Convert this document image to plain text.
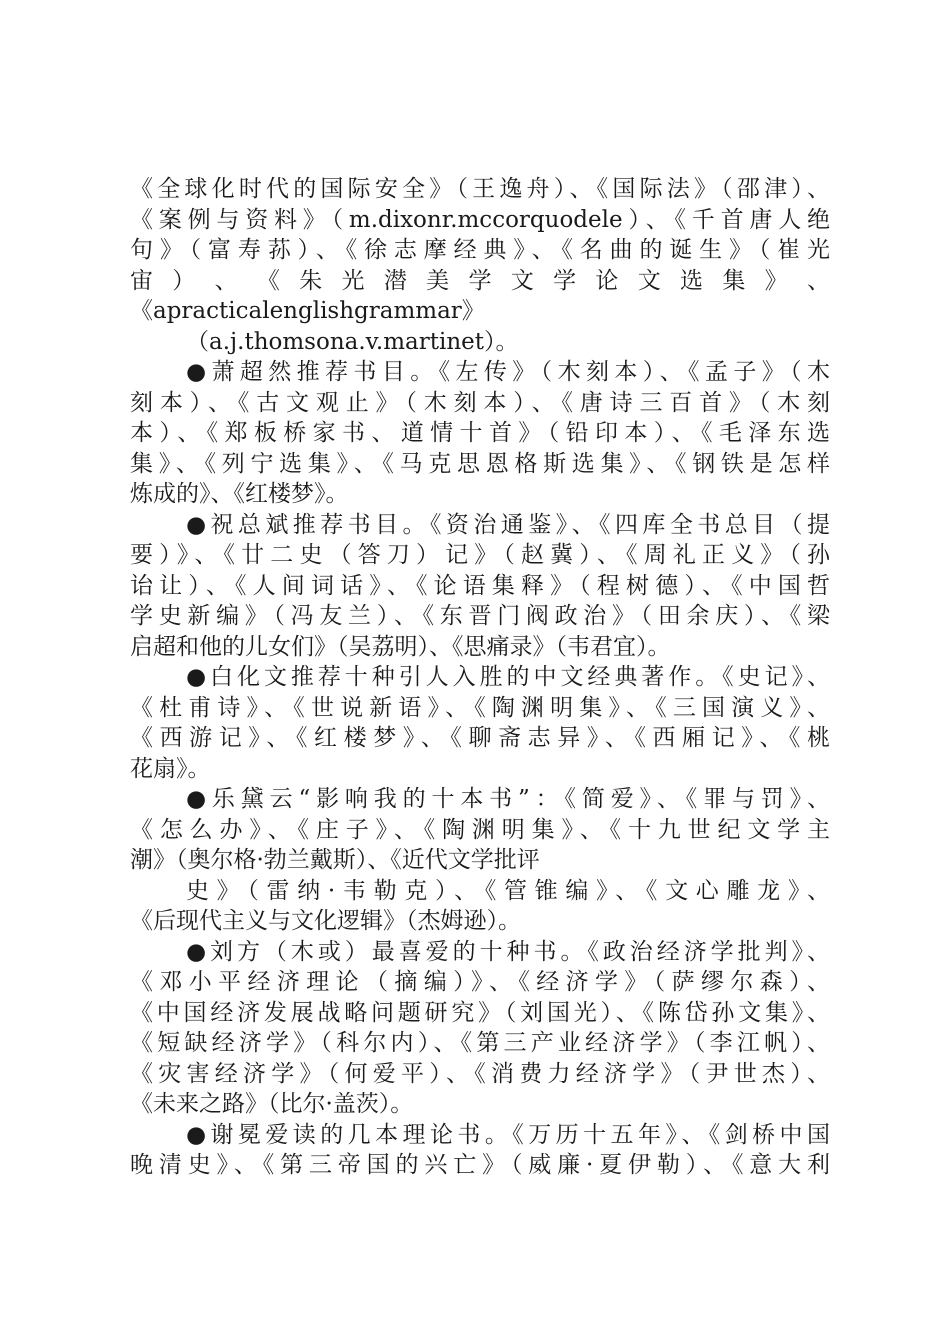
《全球化时代的国际安全》（王逸舟）、《国际法》（邵津）、
《案例与资料》（m.dixonr.mccorquodele）、《千首唐人绝
句》（富寿荪）、《徐志摩经典》、《名曲的诞生》（崔光
宙 ） 、 《 朱 光 潜 美 学 文 学 论 文 选 集 》 、
《apracticalenglishgrammar》
（a.j.thomsona.v.martinet）。
●萧超然推荐书目。《左传》（木刻本）、《孟子》（木
刻本）、《古文观止》（木刻本）、《唐诗三百首》（木刻
本）、《郑板桥家书、道情十首》（铅印本）、《毛泽东选
集》、《列宁选集》、《马克思恩格斯选集》、《钢铁是怎样
炼成的》、《红楼梦》。
●祝总斌推荐书目。《资治通鉴》、《四库全书总目（提
要）》、《廿二史（答刀）记》（赵冀）、《周礼正义》（孙
诒让）、《人间词话》、《论语集释》（程树德）、《中国哲
学史新编》（冯友兰）、《东晋门阀政治》（田余庆）、《梁
启超和他的儿女们》（吴荔明）、《思痛录》（韦君宜）。
●白化文推荐十种引人入胜的中文经典著作。《史记》、
《杜甫诗》、《世说新语》、《陶渊明集》、《三国演义》、
《西游记》、《红楼梦》、《聊斋志异》、《西厢记》、《桃
花扇》。
●乐黛云“影响我的十本书”：《简爱》、《罪与罚》、
《怎么办》、《庄子》、《陶渊明集》、《十九世纪文学主
潮》（奥尔格·勃兰戴斯）、《近代文学批评
史》（雷纳·韦勒克）、《管锥编》、《文心雕龙》、
《后现代主义与文化逻辑》（杰姆逊）。
●刘方（木或）最喜爱的十种书。《政治经济学批判》、
《邓小平经济理论（摘编）》、《经济学》（萨缪尔森）、
《中国经济发展战略问题研究》（刘国光）、《陈岱孙文集》、
《短缺经济学》（科尔内）、《第三产业经济学》（李江帆）、
《灾害经济学》（何爱平）、《消费力经济学》（尹世杰）、
《未来之路》（比尔·盖茨）。
●谢冕爱读的几本理论书。《万历十五年》、《剑桥中国
晚清史》、《第三帝国的兴亡》（威廉·夏伊勒）、《意大利
